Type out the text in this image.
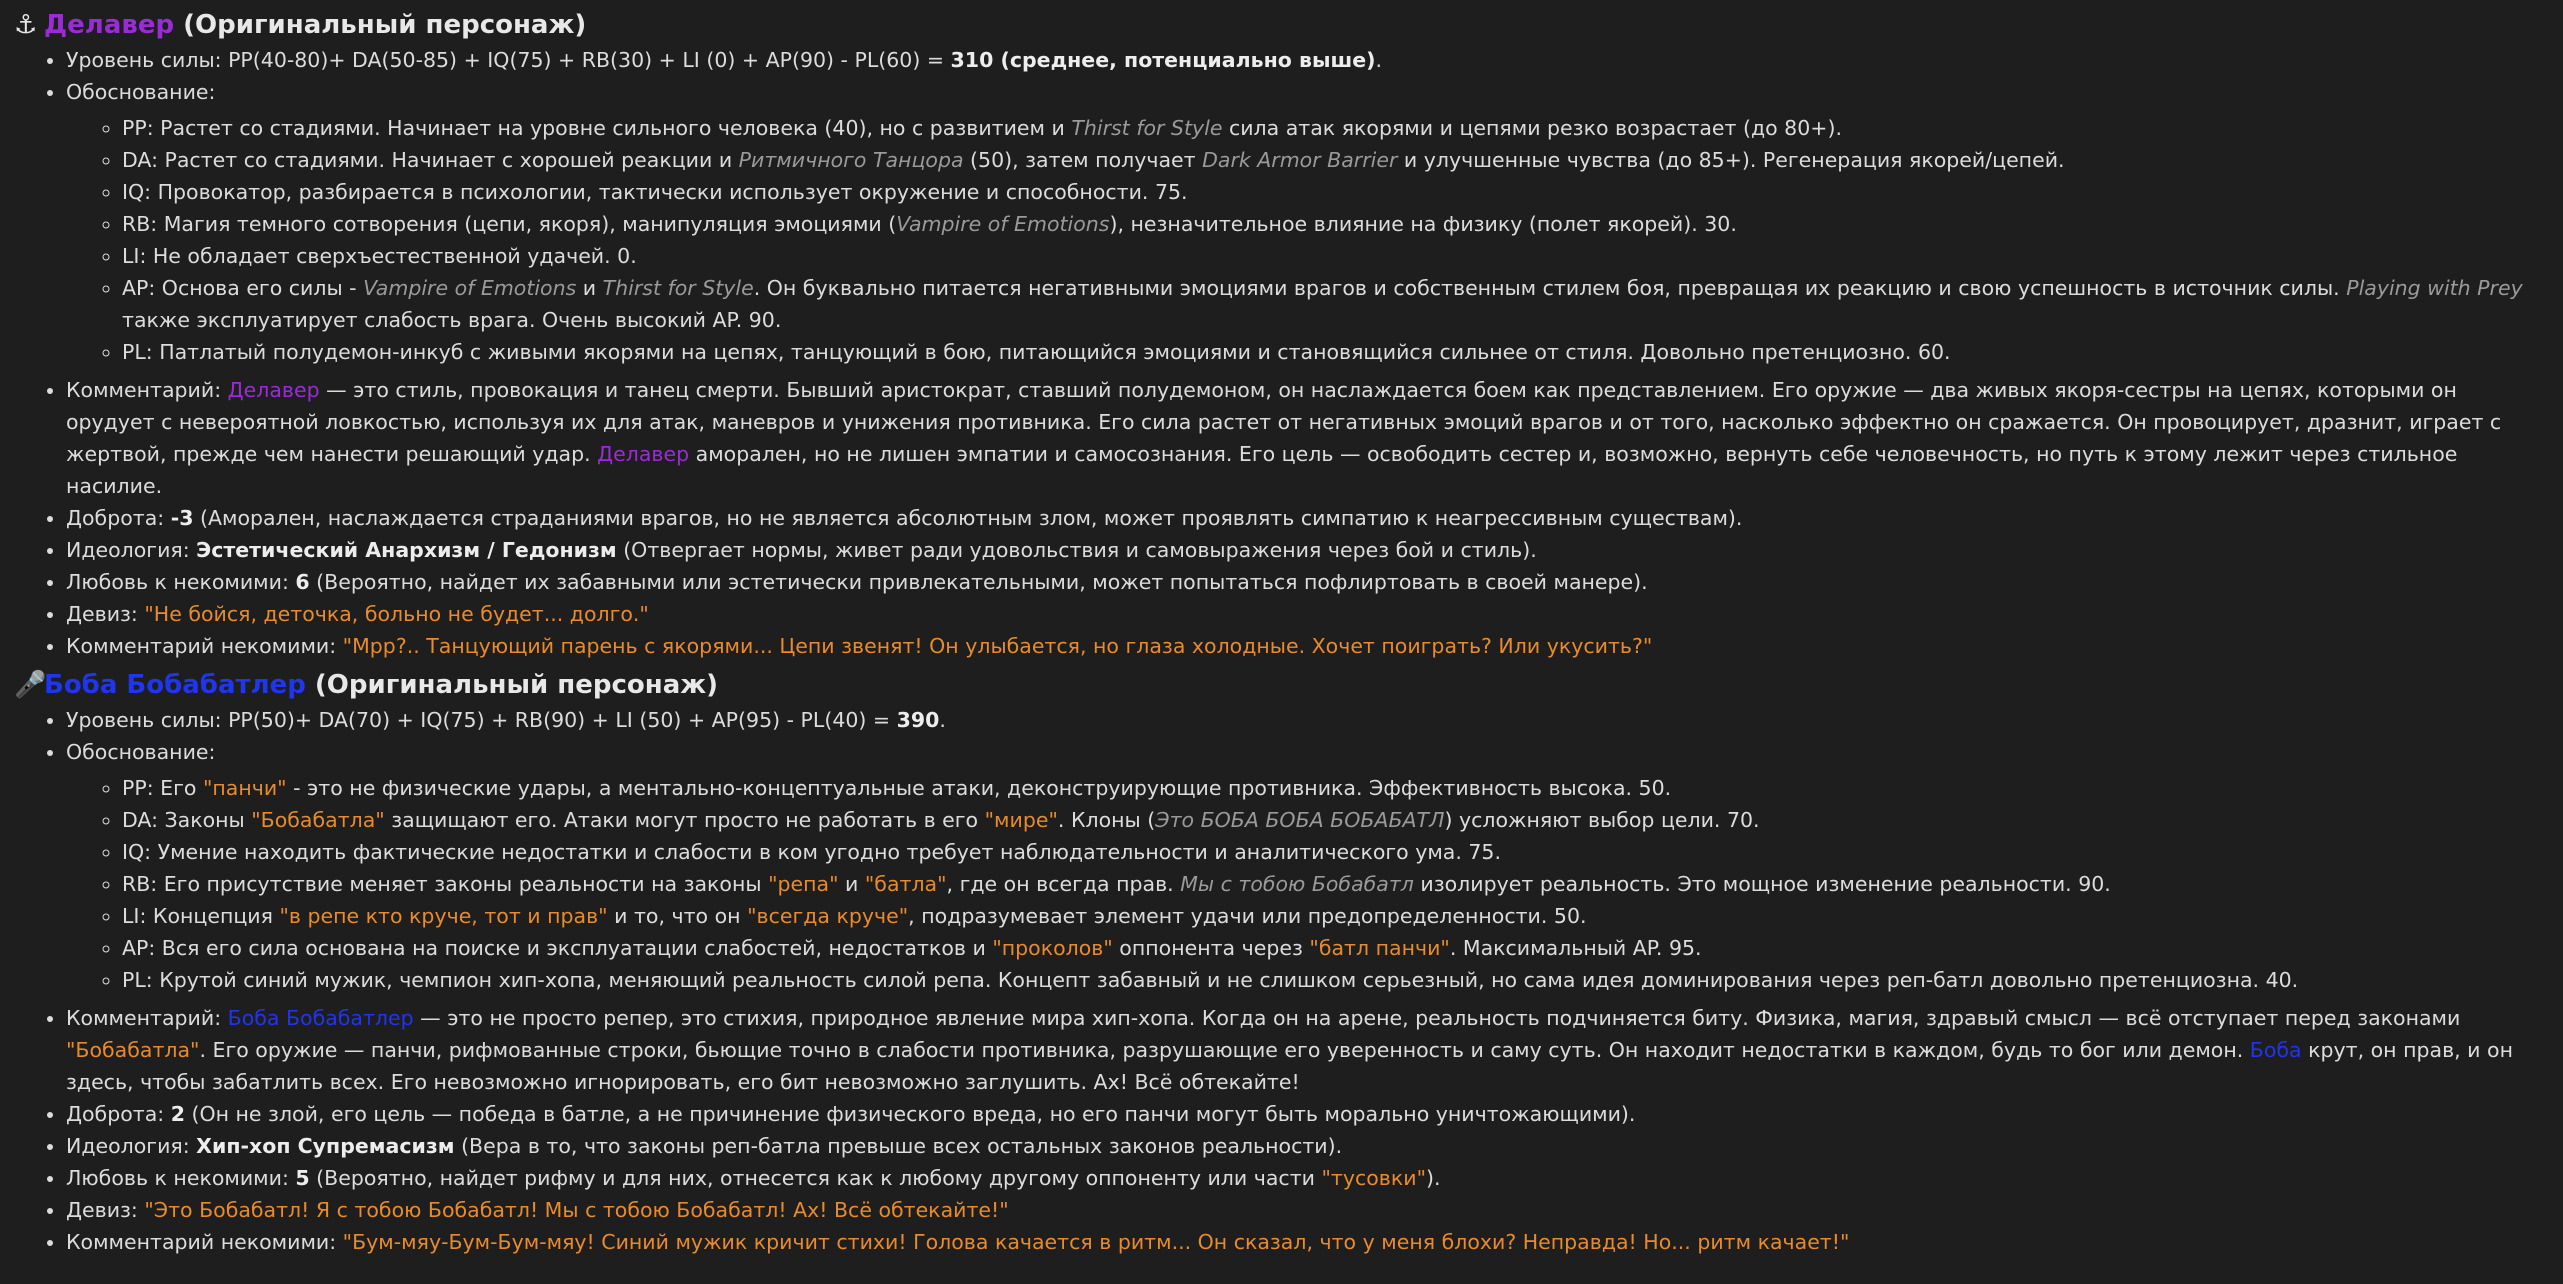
⚓ Делавер (Оригинальный персонаж)
• Уровень силы: PP(40-80)+ DA(50-85) + IQ(75) + RB(30) + LI (0) + AP(90) - PL(60) = 310 (среднее, потенциально выше).
• Обоснование:
◦ PP: Растет со стадиями. Начинает на уровне сильного человека (40), но с развитием и Thirst for Style сила атак якорями и цепями резко возрастает (до 80+).
◦ DA: Растет со стадиями. Начинает с хорошей реакции и Ритмичного Танцора (50), затем получает Dark Armor Barrier и улучшенные чувства (до 85+). Регенерация якорей/цепей.
◦ IQ: Провокатор, разбирается в психологии, тактически использует окружение и способности. 75.
◦ RB: Магия темного сотворения (цепи, якоря), манипуляция эмоциями (Vampire of Emotions), незначительное влияние на физику (полет якорей). 30.
◦ LI: Не обладает сверхъестественной удачей. 0.
◦ AP: Основа его силы - Vampire of Emotions и Thirst for Style. Он буквально питается негативными эмоциями врагов и собственным стилем боя, превращая их реакцию и свою успешность в источник силы. Playing with Prey также эксплуатирует слабость врага. Очень высокий AP. 90.
◦ PL: Патлатый полудемон-инкуб с живыми якорями на цепях, танцующий в бою, питающийся эмоциями и становящийся сильнее от стиля. Довольно претенциозно. 60.
• Комментарий: Делавер — это стиль, провокация и танец смерти. Бывший аристократ, ставший полудемоном, он наслаждается боем как представлением. Его оружие — два живых якоря-сестры на цепях, которыми он орудует с невероятной ловкостью, используя их для атак, маневров и унижения противника. Его сила растет от негативных эмоций врагов и от того, насколько эффектно он сражается. Он провоцирует, дразнит, играет с жертвой, прежде чем нанести решающий удар. Делавер аморален, но не лишен эмпатии и самосознания. Его цель — освободить сестер и, возможно, вернуть себе человечность, но путь к этому лежит через стильное насилие.
• Доброта: -3 (Аморален, наслаждается страданиями врагов, но не является абсолютным злом, может проявлять симпатию к неагрессивным существам).
• Идеология: Эстетический Анархизм / Гедонизм (Отвергает нормы, живет ради удовольствия и самовыражения через бой и стиль).
• Любовь к некомими: 6 (Вероятно, найдет их забавными или эстетически привлекательными, может попытаться пофлиртовать в своей манере).
• Девиз: "Не бойся, деточка, больно не будет... долго."
• Комментарий некомими: "Мрр?.. Танцующий парень с якорями... Цепи звенят! Он улыбается, но глаза холодные. Хочет поиграть? Или укусить?"
🎤Боба Бобабатлер (Оригинальный персонаж)
• Уровень силы: PP(50)+ DA(70) + IQ(75) + RB(90) + LI (50) + AP(95) - PL(40) = 390.
• Обоснование:
◦ PP: Его "панчи" - это не физические удары, а ментально-концептуальные атаки, деконструирующие противника. Эффективность высока. 50.
◦ DA: Законы "Бобабатла" защищают его. Атаки могут просто не работать в его "мире". Клоны (Это БОБА БОБА БОБАБАТЛ) усложняют выбор цели. 70.
◦ IQ: Умение находить фактические недостатки и слабости в ком угодно требует наблюдательности и аналитического ума. 75.
◦ RB: Его присутствие меняет законы реальности на законы "репа" и "батла", где он всегда прав. Мы с тобою Бобабатл изолирует реальность. Это мощное изменение реальности. 90.
◦ LI: Концепция "в репе кто круче, тот и прав" и то, что он "всегда круче", подразумевает элемент удачи или предопределенности. 50.
◦ AP: Вся его сила основана на поиске и эксплуатации слабостей, недостатков и "проколов" оппонента через "батл панчи". Максимальный AP. 95.
◦ PL: Крутой синий мужик, чемпион хип-хопа, меняющий реальность силой репа. Концепт забавный и не слишком серьезный, но сама идея доминирования через реп-батл довольно претенциозна. 40.
• Комментарий: Боба Бобабатлер — это не просто репер, это стихия, природное явление мира хип-хопа. Когда он на арене, реальность подчиняется биту. Физика, магия, здравый смысл — всё отступает перед законами "Бобабатла". Его оружие — панчи, рифмованные строки, бьющие точно в слабости противника, разрушающие его уверенность и саму суть. Он находит недостатки в каждом, будь то бог или демон. Боба крут, он прав, и он здесь, чтобы забатлить всех. Его невозможно игнорировать, его бит невозможно заглушить. Ах! Всё обтекайте!
• Доброта: 2 (Он не злой, его цель — победа в батле, а не причинение физического вреда, но его панчи могут быть морально уничтожающими).
• Идеология: Хип-хоп Супремасизм (Вера в то, что законы реп-батла превыше всех остальных законов реальности).
• Любовь к некомими: 5 (Вероятно, найдет рифму и для них, отнесется как к любому другому оппоненту или части "тусовки").
• Девиз: "Это Бобабатл! Я с тобою Бобабатл! Мы с тобою Бобабатл! Ах! Всё обтекайте!"
• Комментарий некомими: "Бум-мяу-Бум-Бум-мяу! Синий мужик кричит стихи! Голова качается в ритм... Он сказал, что у меня блохи? Неправда! Но... ритм качает!"
